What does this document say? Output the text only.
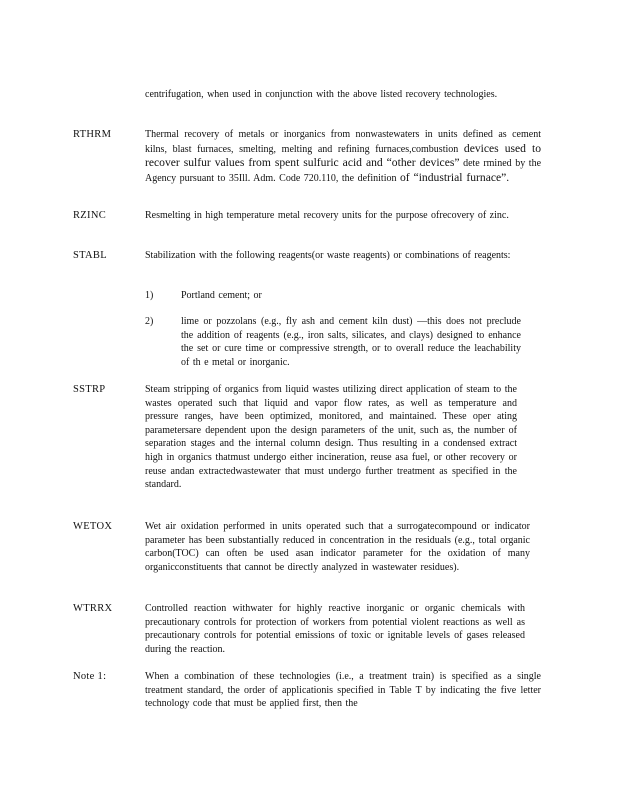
centrifugation, when used in conjunction with the above listed recovery technologies.

RTHRM	Thermal recovery of metals or inorganics from nonwastewaters in units defined as cement kilns, blast furnaces, smelting, melting and refining furnaces,combustion devices used to recover sulfur values from spent sulfuric acid and “other devices” dete rmined by the Agency pursuant to 35Ill. Adm. Code 720.110, the definition of “industrial furnace”.

RZINC	Resmelting in high temperature metal recovery units for the purpose ofrecovery of zinc.

STABL	Stabilization with the following reagents(or waste reagents) or combinations of reagents:

1)	Portland cement; or

2)	lime or pozzolans (e.g., fly ash and cement kiln dust) —this does not preclude the addition of reagents (e.g., iron salts, silicates, and clays) designed to enhance the set or cure time or compressive strength, or to overall reduce the leachability of th e metal or inorganic.

SSTRP	Steam stripping of organics from liquid wastes utilizing direct application of steam to the wastes operated such that liquid and vapor flow rates, as well as temperature and pressure ranges, have been optimized, monitored, and maintained. These oper ating parametersare dependent upon the design parameters of the unit, such as, the number of separation stages and the internal column design. Thus resulting in a condensed extract high in organics thatmust undergo either incineration, reuse asa fuel, or other recovery or reuse andan extractedwastewater that must undergo further treatment as specified in the standard.

WETOX	Wet air oxidation performed in units operated such that a surrogatecompound or indicator parameter has been substantially reduced in concentration in the residuals (e.g., total organic carbon(TOC) can often be used asan indicator parameter for the oxidation of many organicconstituents that cannot be directly analyzed in wastewater residues).

WTRRX	Controlled reaction withwater for highly reactive inorganic or organic chemicals with precautionary controls for protection of workers from potential violent reactions as well as precautionary controls for potential emissions of toxic or ignitable levels of gases released during the reaction.

Note 1:	When a combination of these technologies (i.e., a treatment train) is specified as a single treatment standard, the order of applicationis specified in Table T by indicating the five letter technology code that must be applied first, then the
